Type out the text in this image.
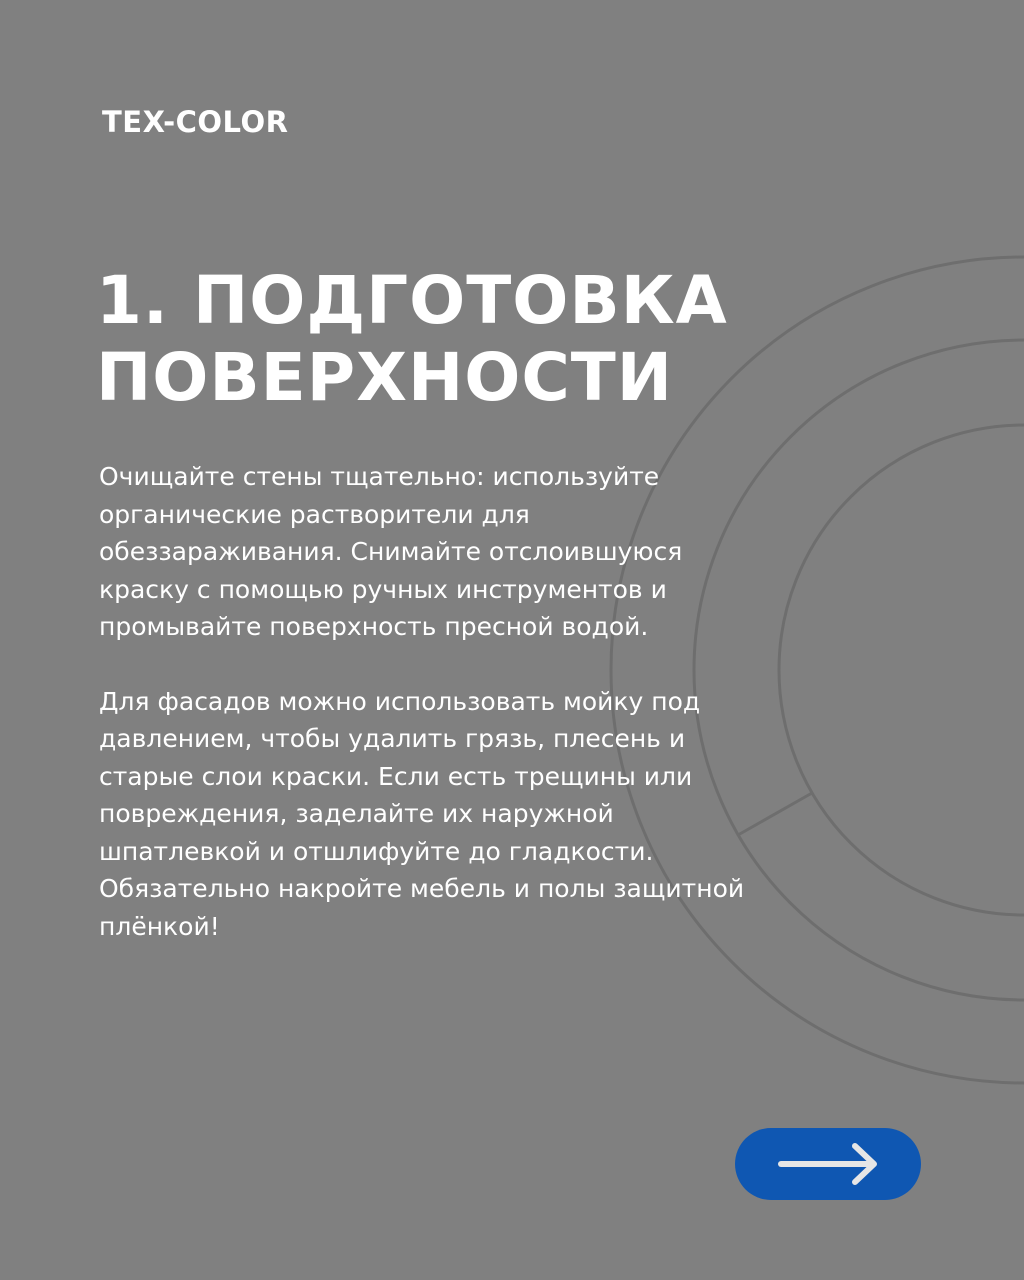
TEX-COLOR
1. ПОДГОТОВКА
ПОВЕРХНОСТИ

Очищайте стены тщательно: используйте
органические растворители для
обеззараживания. Снимайте отслоившуюся
краску с помощью ручных инструментов и
промывайте поверхность пресной водой.

Для фасадов можно использовать мойку под
давлением, чтобы удалить грязь, плесень и
старые слои краски. Если есть трещины или
повреждения, заделайте их наружной
шпатлевкой и отшлифуйте до гладкости.
Обязательно накройте мебель и полы защитной
плёнкой!
